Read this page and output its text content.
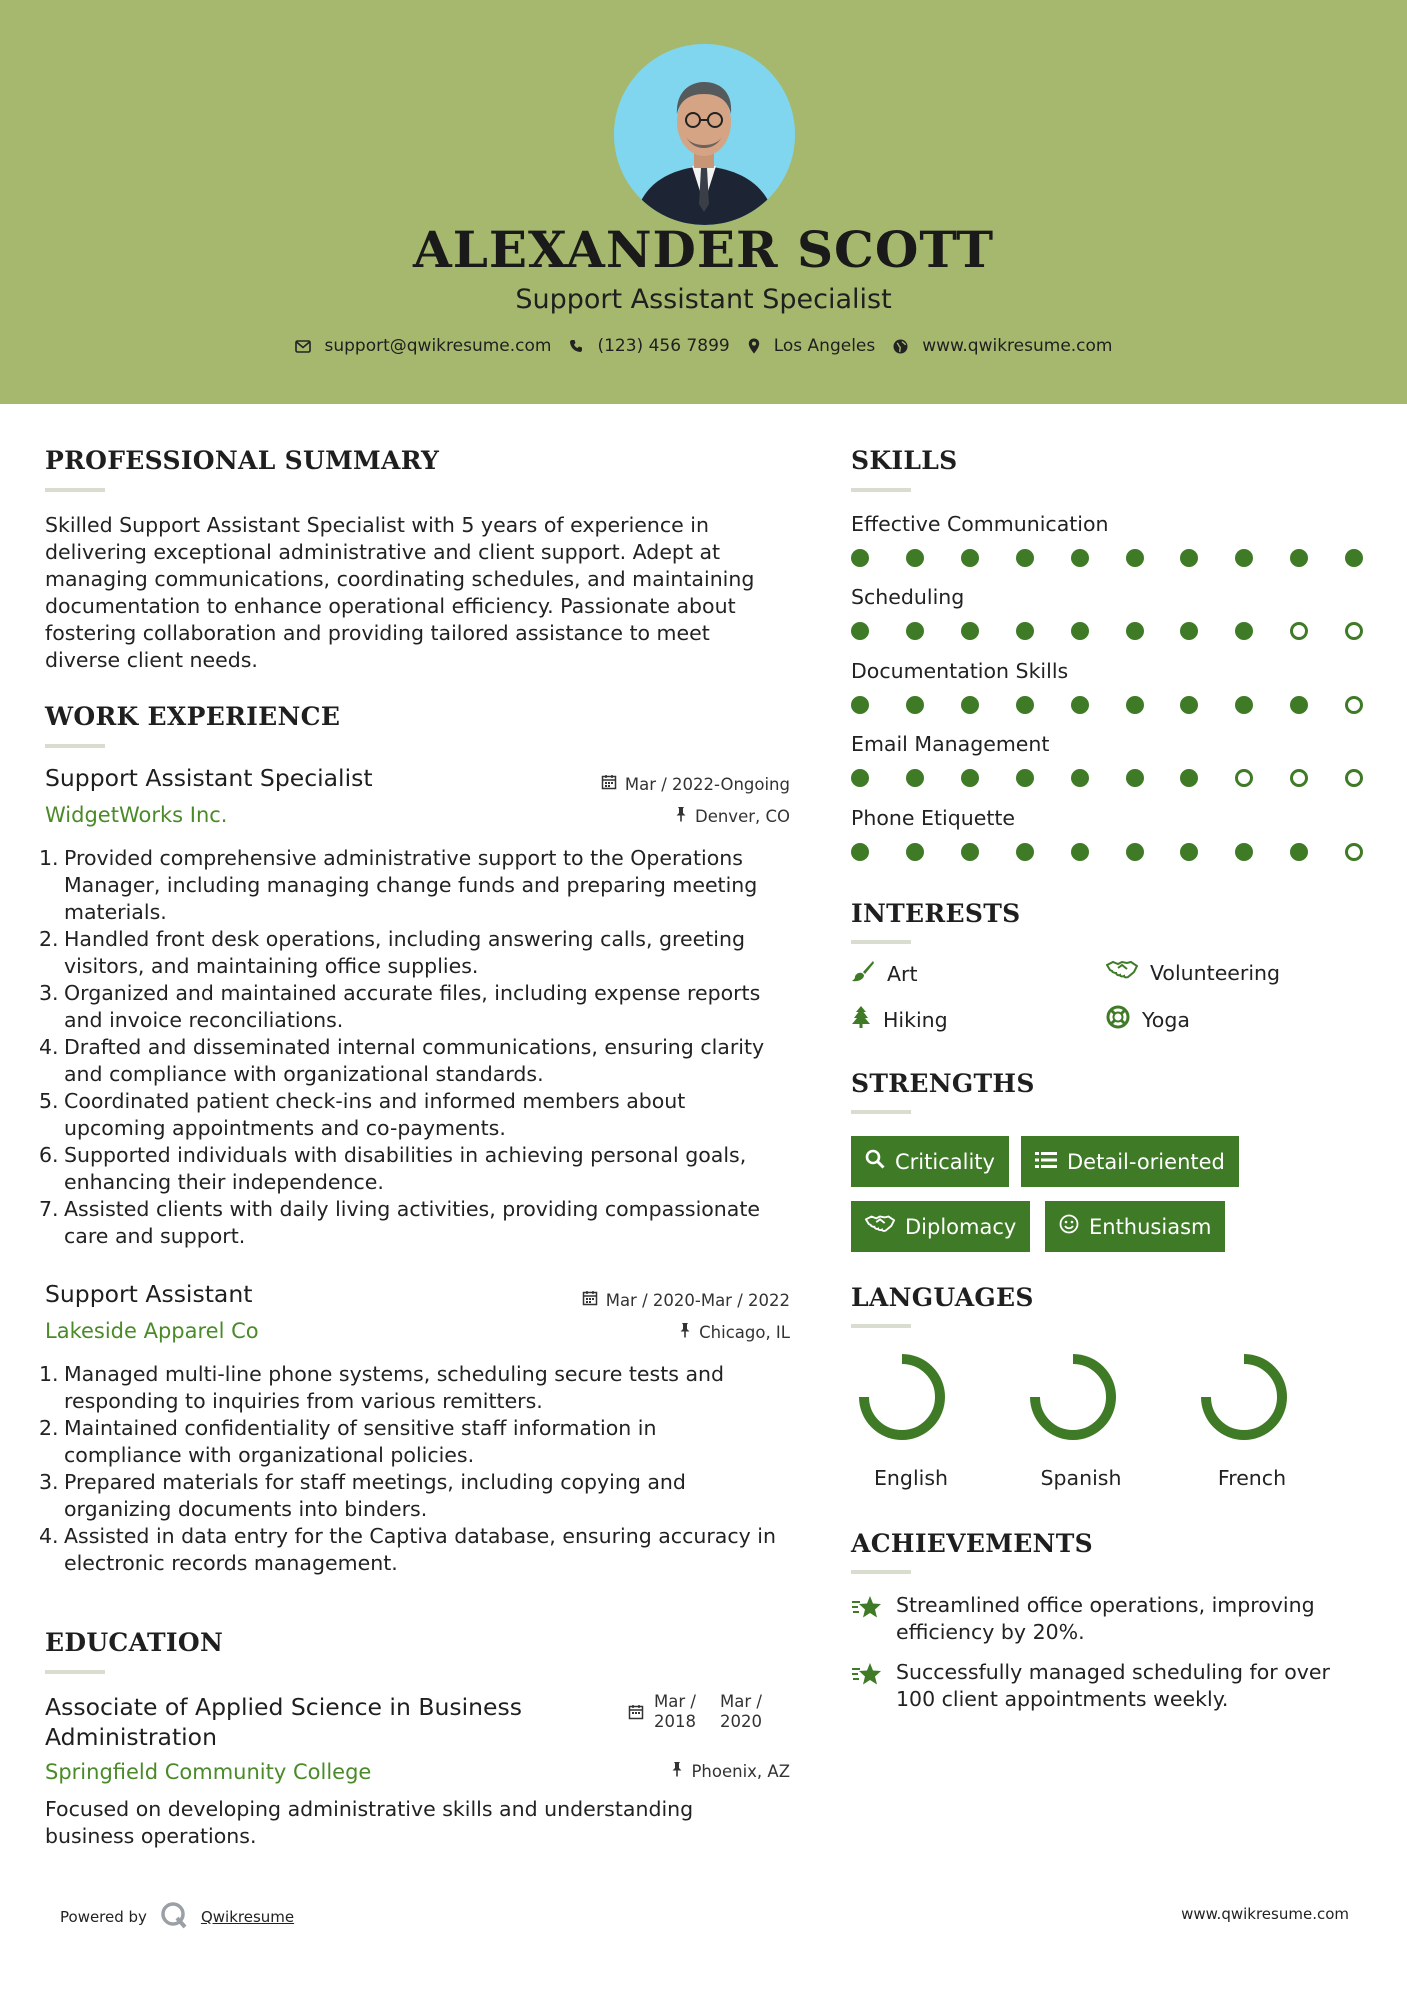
ALEXANDER SCOTT
Support Assistant Specialist
support@qwikresume.com	(123) 456 7899	Los Angeles	www.qwikresume.com
PROFESSIONAL SUMMARY
Skilled Support Assistant Specialist with 5 years of experience in
delivering exceptional administrative and client support. Adept at
managing communications, coordinating schedules, and maintaining
documentation to enhance operational efficiency. Passionate about
fostering collaboration and providing tailored assistance to meet
diverse client needs.
WORK EXPERIENCE
Support Assistant Specialist	Mar / 2022-Ongoing
WidgetWorks Inc.	Denver, CO
1. Provided comprehensive administrative support to the Operations
Manager, including managing change funds and preparing meeting
materials.
2. Handled front desk operations, including answering calls, greeting
visitors, and maintaining office supplies.
3. Organized and maintained accurate files, including expense reports
and invoice reconciliations.
4. Drafted and disseminated internal communications, ensuring clarity
and compliance with organizational standards.
5. Coordinated patient check-ins and informed members about
upcoming appointments and co-payments.
6. Supported individuals with disabilities in achieving personal goals,
enhancing their independence.
7. Assisted clients with daily living activities, providing compassionate
care and support.
Support Assistant	Mar / 2020-Mar / 2022
Lakeside Apparel Co	Chicago, IL
1. Managed multi-line phone systems, scheduling secure tests and
responding to inquiries from various remitters.
2. Maintained confidentiality of sensitive staff information in
compliance with organizational policies.
3. Prepared materials for staff meetings, including copying and
organizing documents into binders.
4. Assisted in data entry for the Captiva database, ensuring accuracy in
electronic records management.
EDUCATION
Associate of Applied Science in Business
Administration
Mar /
2018
Mar /
2020
Springfield Community College	Phoenix, AZ
Focused on developing administrative skills and understanding
business operations.
SKILLS
Effective Communication
Scheduling
Documentation Skills
Email Management
Phone Etiquette
INTERESTS
Art	Volunteering
Hiking	Yoga
STRENGTHS
Criticality	Detail-oriented
Diplomacy	Enthusiasm
LANGUAGES
English	Spanish	French
ACHIEVEMENTS
Streamlined office operations, improving
efficiency by 20%.
Successfully managed scheduling for over
100 client appointments weekly.
Powered by	Qwikresume	www.qwikresume.com
